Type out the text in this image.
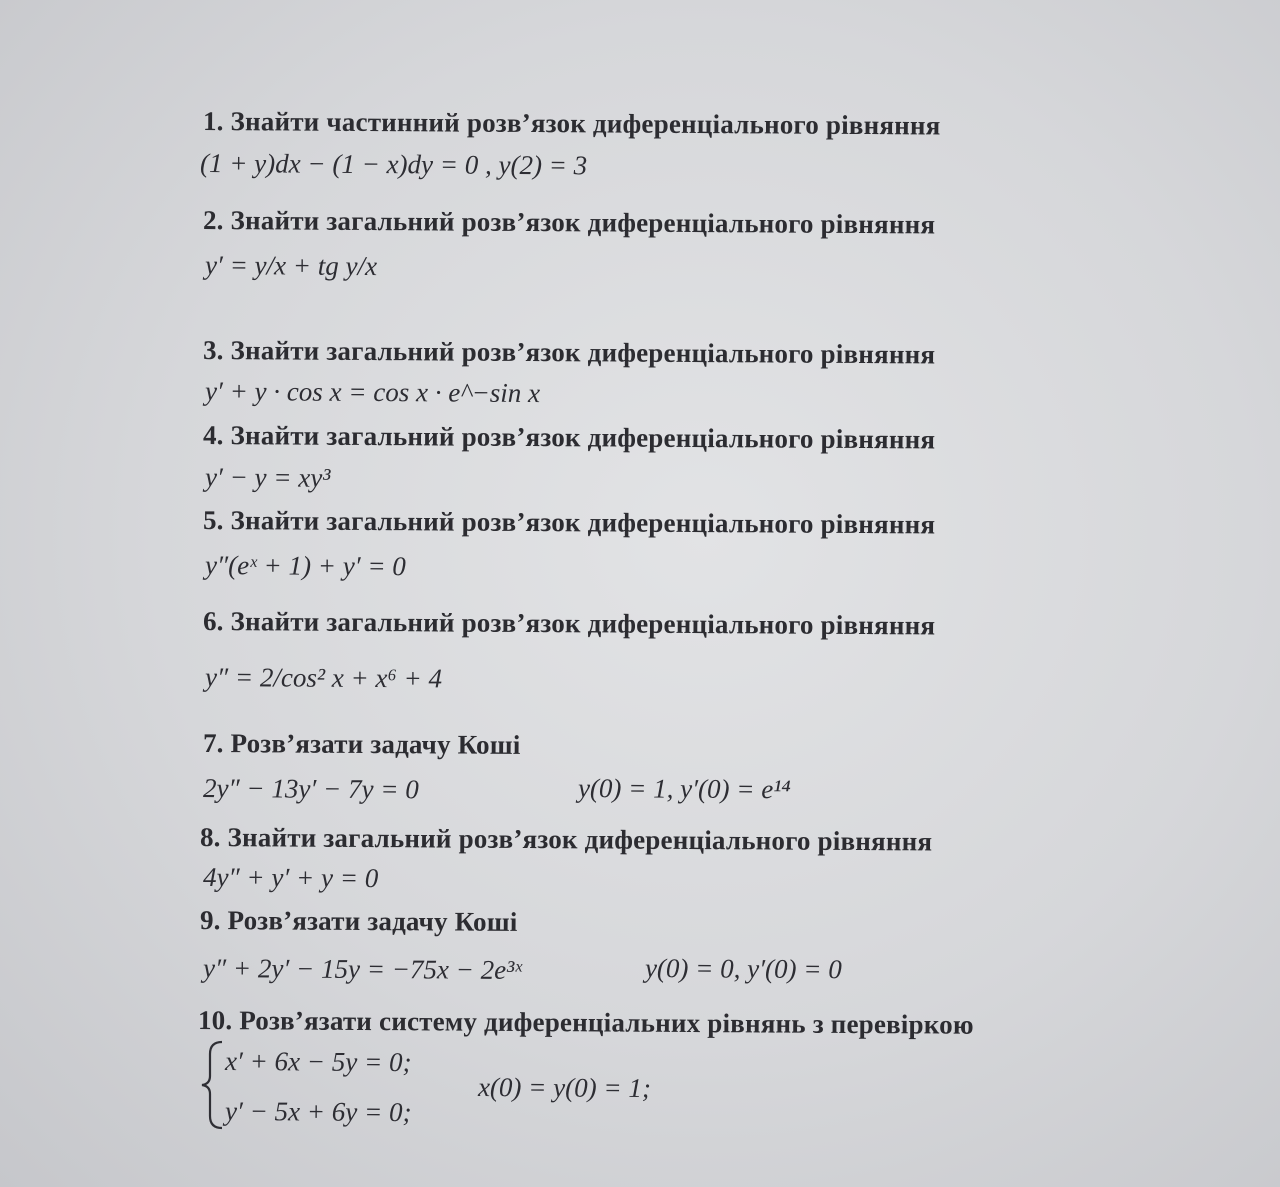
1. Знайти частинний розв’язок диференціального рівняння
(1 + y)dx − (1 − x)dy = 0 , y(2) = 3
2. Знайти загальний розв’язок диференціального рівняння
y′ = y/x + tg y/x
3. Знайти загальний розв’язок диференціального рівняння
y′ + y · cos x = cos x · e^−sin x
4. Знайти загальний розв’язок диференціального рівняння
y′ − y = xy³
5. Знайти загальний розв’язок диференціального рівняння
y″(eˣ + 1) + y′ = 0
6. Знайти загальний розв’язок диференціального рівняння
y″ = 2/cos² x + x⁶ + 4
7. Розв’язати задачу Коші
2y″ − 13y′ − 7y = 0	y(0) = 1, y′(0) = e¹⁴
8. Знайти загальний розв’язок диференціального рівняння
4y″ + y′ + y = 0
9. Розв’язати задачу Коші
y″ + 2y′ − 15y = −75x − 2e³ˣ	y(0) = 0, y′(0) = 0
10. Розв’язати систему диференціальних рівнянь з перевіркою
x′ + 6x − 5y = 0;
y′ − 5x + 6y = 0;
x(0) = y(0) = 1;
